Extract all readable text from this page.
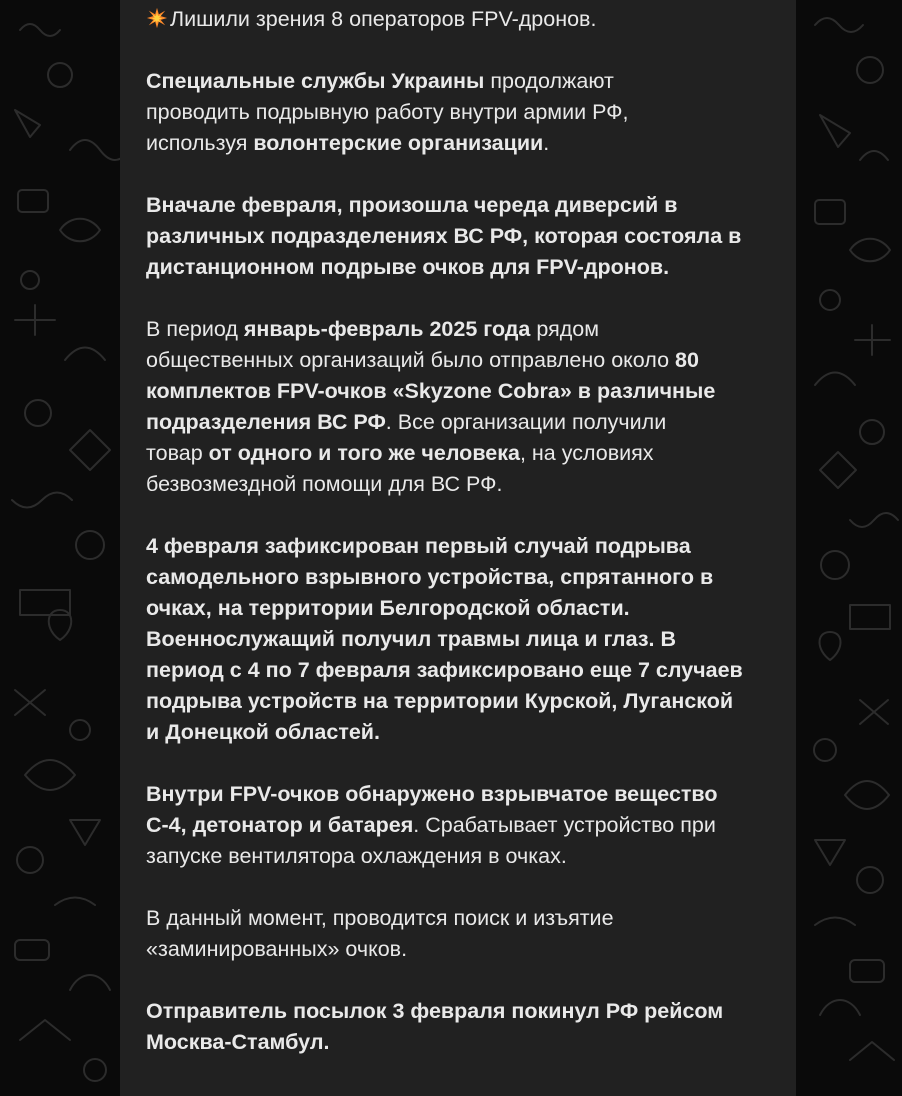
Лишили зрения 8 операторов FPV-дронов.
Специальные службы Украины продолжают
проводить подрывную работу внутри армии РФ,
используя волонтерские организации.
Вначале февраля, произошла череда диверсий в
различных подразделениях ВС РФ, которая состояла в
дистанционном подрыве очков для FPV-дронов.
В период январь-февраль 2025 года рядом
общественных организаций было отправлено около 80
комплектов FPV-очков «Skyzone Cobra» в различные
подразделения ВС РФ. Все организации получили
товар от одного и того же человека, на условиях
безвозмездной помощи для ВС РФ.
4 февраля зафиксирован первый случай подрыва
самодельного взрывного устройства, спрятанного в
очках, на территории Белгородской области.
Военнослужащий получил травмы лица и глаз. В
период с 4 по 7 февраля зафиксировано еще 7 случаев
подрыва устройств на территории Курской, Луганской
и Донецкой областей.
Внутри FPV-очков обнаружено взрывчатое вещество
С-4, детонатор и батарея. Срабатывает устройство при
запуске вентилятора охлаждения в очках.
В данный момент, проводится поиск и изъятие
«заминированных» очков.
Отправитель посылок 3 февраля покинул РФ рейсом
Москва-Стамбул.
